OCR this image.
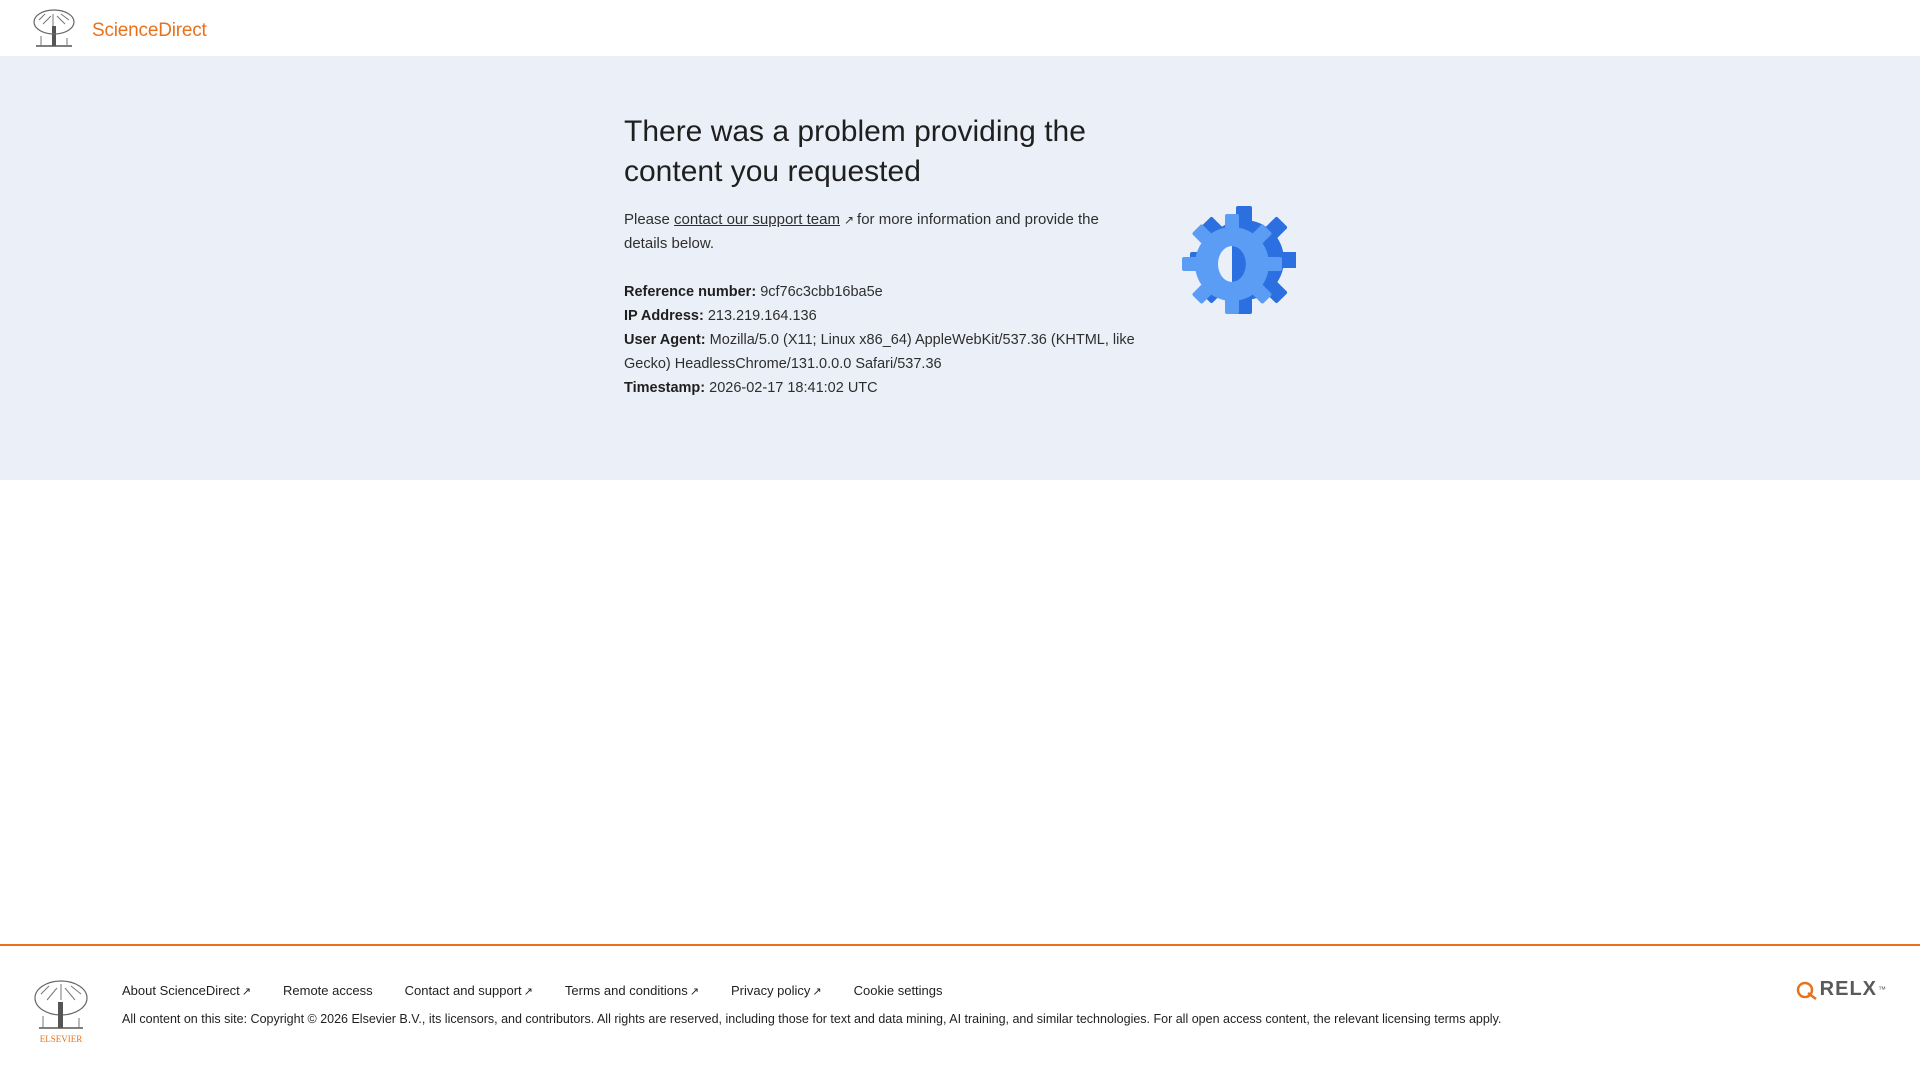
ScienceDirect
There was a problem providing the content you requested
Please contact our support team ↗ for more information and provide the details below.
Reference number: 9cf76c3cbb16ba5e
IP Address: 213.219.164.136
User Agent: Mozilla/5.0 (X11; Linux x86_64) AppleWebKit/537.36 (KHTML, like Gecko) HeadlessChrome/131.0.0.0 Safari/537.36
Timestamp: 2026-02-17 18:41:02 UTC
ELSEVIER
About ScienceDirect ↗ Remote access Contact and support ↗ Terms and conditions ↗ Privacy policy ↗ Cookie settings
All content on this site: Copyright © 2026 Elsevier B.V., its licensors, and contributors. All rights are reserved, including those for text and data mining, AI training, and similar technologies. For all open access content, the relevant licensing terms apply.
RELX ™
